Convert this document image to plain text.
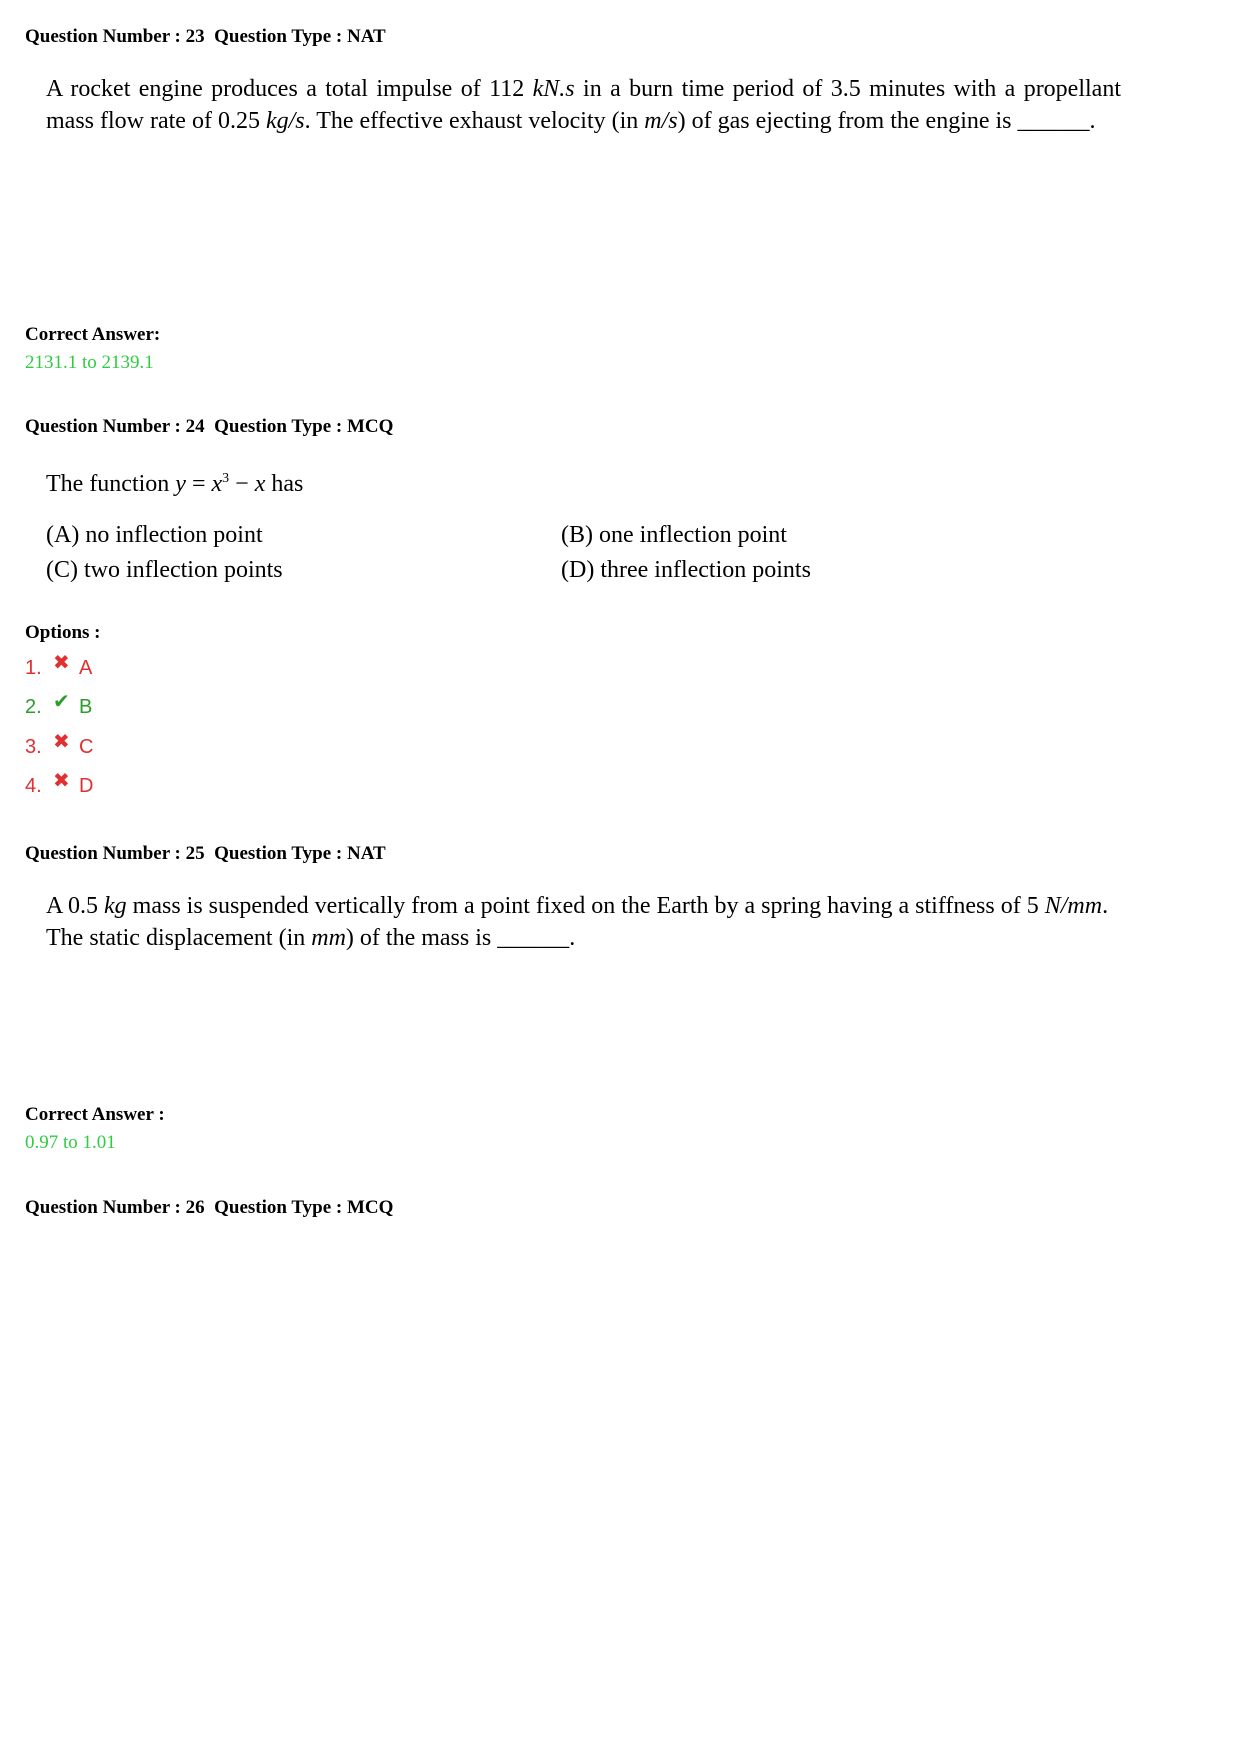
Question Number : 23  Question Type : NAT
A rocket engine produces a total impulse of 112 kN.s in a burn time period of 3.5 minutes with a propellant mass flow rate of 0.25 kg/s. The effective exhaust velocity (in m/s) of gas ejecting from the engine is ______.
Correct Answer:
2131.1 to 2139.1
Question Number : 24  Question Type : MCQ
The function $y = x^3 - x$ has
(A) no inflection point	(B) one inflection point
(C) two inflection points	(D) three inflection points
Options :
1. ✖ A
2. ✔ B
3. ✖ C
4. ✖ D
Question Number : 25  Question Type : NAT
A 0.5 kg mass is suspended vertically from a point fixed on the Earth by a spring having a stiffness of 5 N/mm. The static displacement (in mm) of the mass is ______.
Correct Answer :
0.97 to 1.01
Question Number : 26  Question Type : MCQ
